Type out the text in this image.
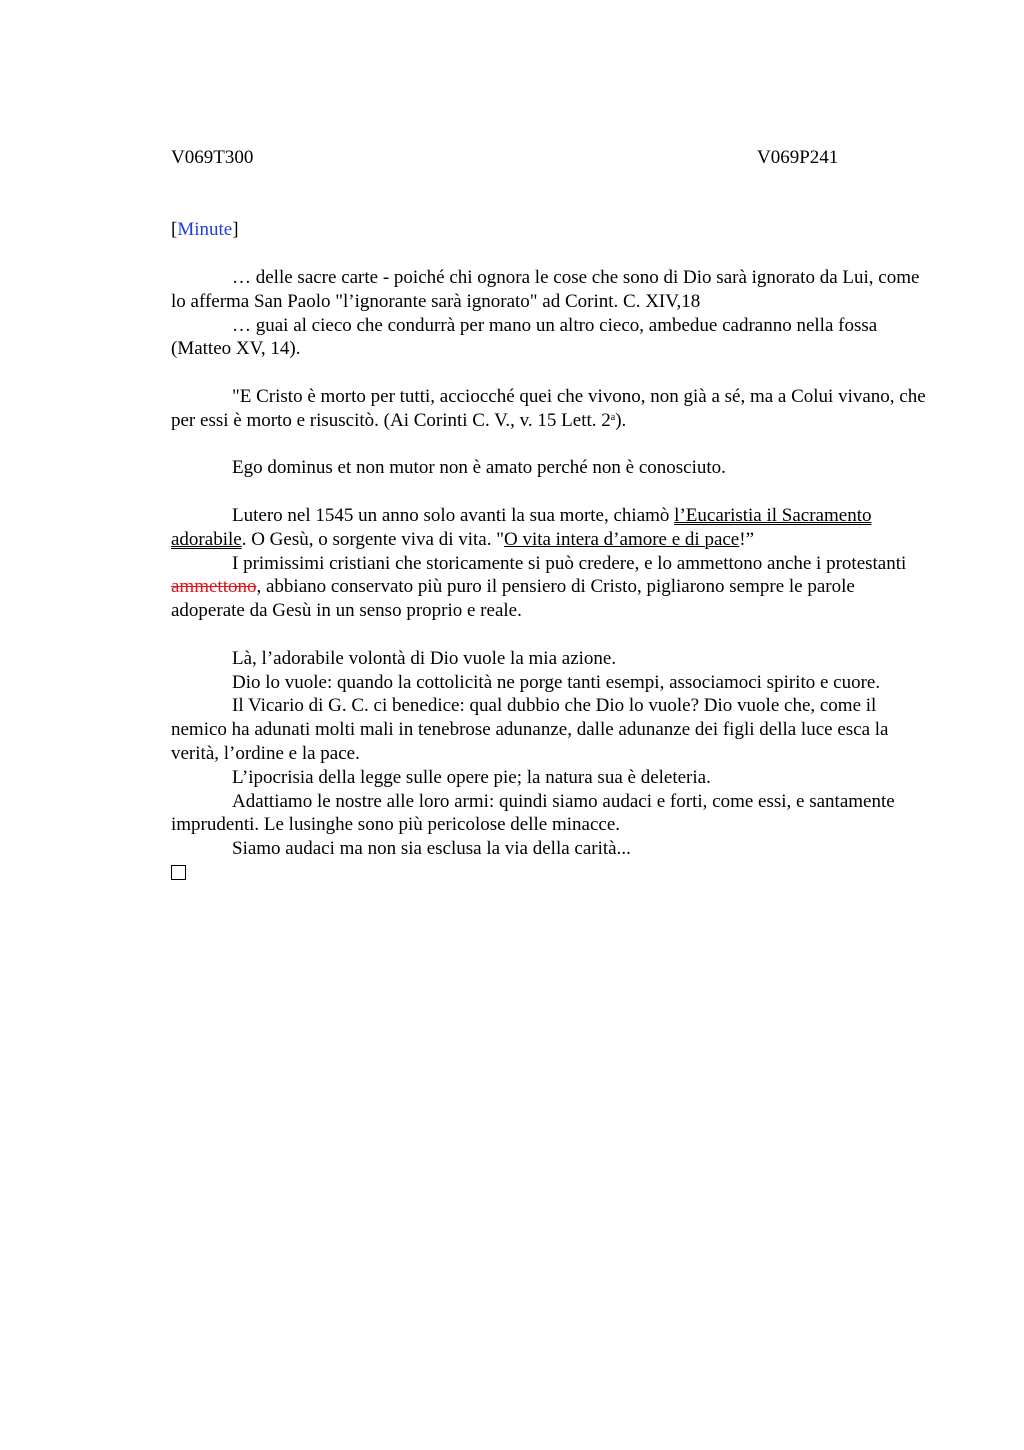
V069T300	V069P241
[Minute]

… delle sacre carte - poiché chi ognora le cose che sono di Dio sarà ignorato da Lui, come lo afferma San Paolo "l’ignorante sarà ignorato" ad Corint. C. XIV,18

… guai al cieco che condurrà per mano un altro cieco, ambedue cadranno nella fossa (Matteo XV, 14).

"E Cristo è morto per tutti, acciocché quei che vivono, non già a sé, ma a Colui vivano, che per essi è morto e risuscitò. (Ai Corinti C. V., v. 15 Lett. 2$^a$).

Ego dominus et non mutor non è amato perché non è conosciuto.

Lutero nel 1545 un anno solo avanti la sua morte, chiamò l’Eucaristia il Sacramento adorabile. O Gesù, o sorgente viva di vita. "O vita intera d’amore e di pace!”

I primissimi cristiani che storicamente si può credere, e lo ammettono anche i protestanti ammettono, abbiano conservato più puro il pensiero di Cristo, pigliarono sempre le parole adoperate da Gesù in un senso proprio e reale.

Là, l’adorabile volontà di Dio vuole la mia azione.

Dio lo vuole: quando la cottolicità ne porge tanti esempi, associamoci spirito e cuore.

Il Vicario di G. C. ci benedice: qual dubbio che Dio lo vuole? Dio vuole che, come il nemico ha adunati molti mali in tenebrose adunanze, dalle adunanze dei figli della luce esca la verità, l’ordine e la pace.

L’ipocrisia della legge sulle opere pie; la natura sua è deleteria.

Adattiamo le nostre alle loro armi: quindi siamo audaci e forti, come essi, e santamente imprudenti. Le lusinghe sono più pericolose delle minacce.

Siamo audaci ma non sia esclusa la via della carità...
